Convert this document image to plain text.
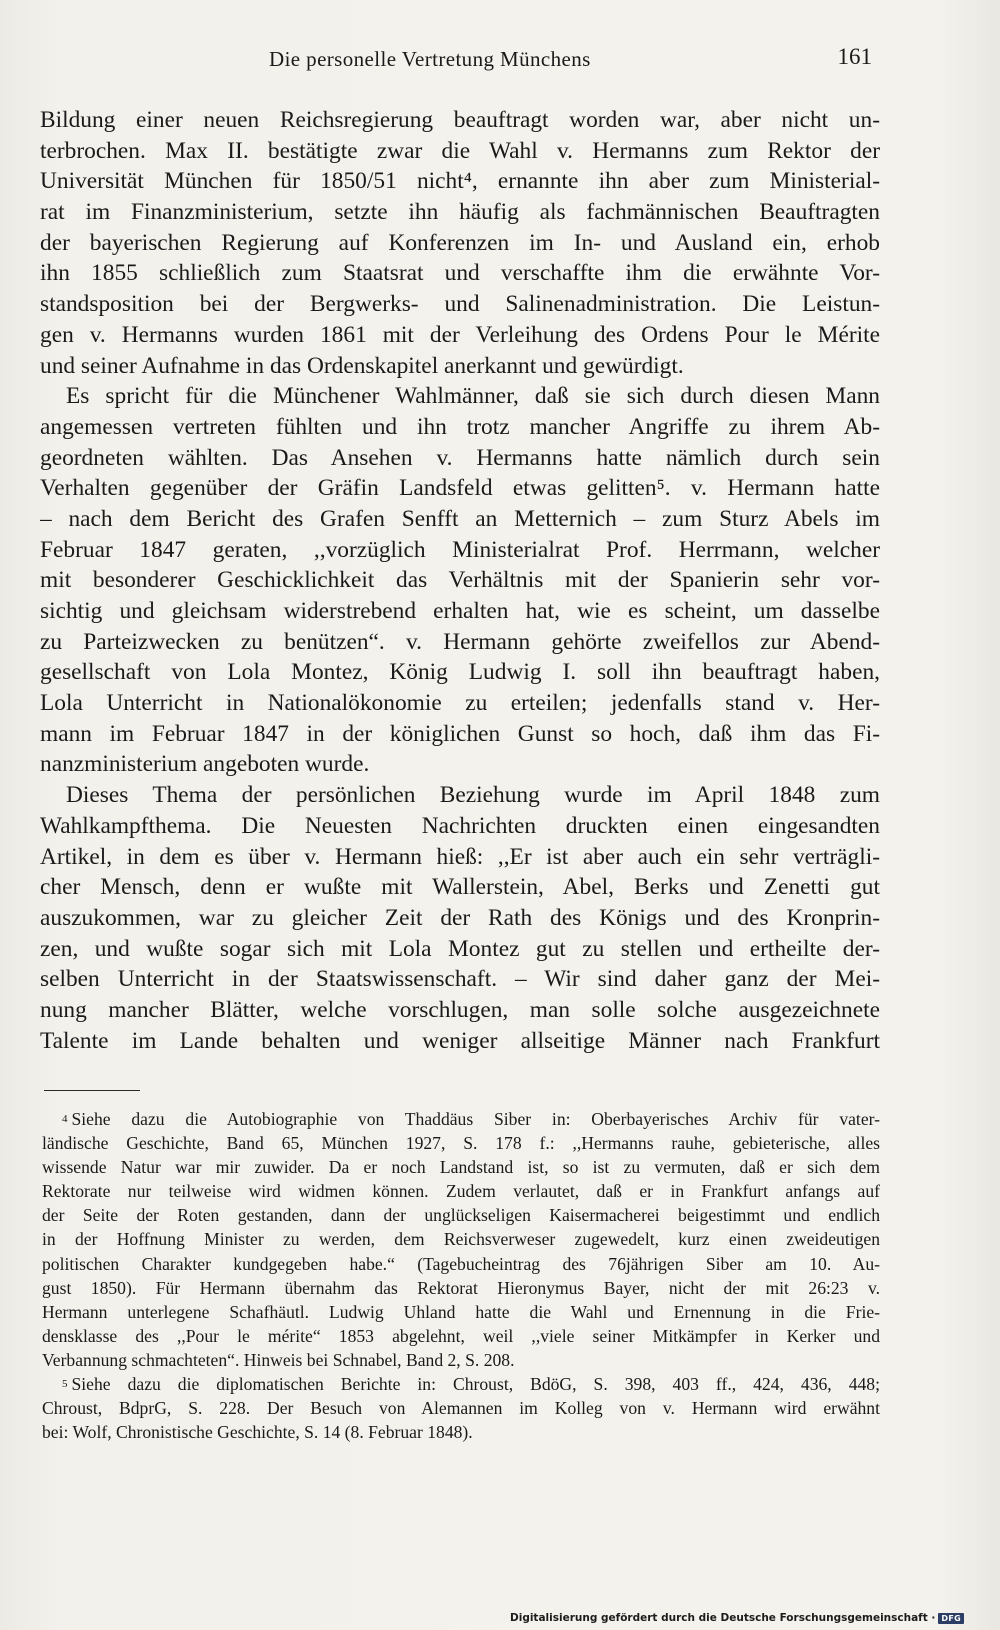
Die personelle Vertretung Münchens	161
Bildung einer neuen Reichsregierung beauftragt worden war, aber nicht un-
terbrochen. Max II. bestätigte zwar die Wahl v. Hermanns zum Rektor der
Universität München für 1850/51 nicht⁴, ernannte ihn aber zum Ministerial-
rat im Finanzministerium, setzte ihn häufig als fachmännischen Beauftragten
der bayerischen Regierung auf Konferenzen im In- und Ausland ein, erhob
ihn 1855 schließlich zum Staatsrat und verschaffte ihm die erwähnte Vor-
standsposition bei der Bergwerks- und Salinenadministration. Die Leistun-
gen v. Hermanns wurden 1861 mit der Verleihung des Ordens Pour le Mérite
und seiner Aufnahme in das Ordenskapitel anerkannt und gewürdigt.
Es spricht für die Münchener Wahlmänner, daß sie sich durch diesen Mann
angemessen vertreten fühlten und ihn trotz mancher Angriffe zu ihrem Ab-
geordneten wählten. Das Ansehen v. Hermanns hatte nämlich durch sein
Verhalten gegenüber der Gräfin Landsfeld etwas gelitten⁵. v. Hermann hatte
– nach dem Bericht des Grafen Senfft an Metternich – zum Sturz Abels im
Februar 1847 geraten, ,,vorzüglich Ministerialrat Prof. Herrmann, welcher
mit besonderer Geschicklichkeit das Verhältnis mit der Spanierin sehr vor-
sichtig und gleichsam widerstrebend erhalten hat, wie es scheint, um dasselbe
zu Parteizwecken zu benützen“. v. Hermann gehörte zweifellos zur Abend-
gesellschaft von Lola Montez, König Ludwig I. soll ihn beauftragt haben,
Lola Unterricht in Nationalökonomie zu erteilen; jedenfalls stand v. Her-
mann im Februar 1847 in der königlichen Gunst so hoch, daß ihm das Fi-
nanzministerium angeboten wurde.
Dieses Thema der persönlichen Beziehung wurde im April 1848 zum
Wahlkampfthema. Die Neuesten Nachrichten druckten einen eingesandten
Artikel, in dem es über v. Hermann hieß: ,,Er ist aber auch ein sehr verträgli-
cher Mensch, denn er wußte mit Wallerstein, Abel, Berks und Zenetti gut
auszukommen, war zu gleicher Zeit der Rath des Königs und des Kronprin-
zen, und wußte sogar sich mit Lola Montez gut zu stellen und ertheilte der-
selben Unterricht in der Staatswissenschaft. – Wir sind daher ganz der Mei-
nung mancher Blätter, welche vorschlugen, man solle solche ausgezeichnete
Talente im Lande behalten und weniger allseitige Männer nach Frankfurt
4 Siehe dazu die Autobiographie von Thaddäus Siber in: Oberbayerisches Archiv für vater-
ländische Geschichte, Band 65, München 1927, S. 178 f.: ,,Hermanns rauhe, gebieterische, alles
wissende Natur war mir zuwider. Da er noch Landstand ist, so ist zu vermuten, daß er sich dem
Rektorate nur teilweise wird widmen können. Zudem verlautet, daß er in Frankfurt anfangs auf
der Seite der Roten gestanden, dann der unglückseligen Kaisermacherei beigestimmt und endlich
in der Hoffnung Minister zu werden, dem Reichsverweser zugewedelt, kurz einen zweideutigen
politischen Charakter kundgegeben habe.“ (Tagebucheintrag des 76jährigen Siber am 10. Au-
gust 1850). Für Hermann übernahm das Rektorat Hieronymus Bayer, nicht der mit 26:23 v.
Hermann unterlegene Schafhäutl. Ludwig Uhland hatte die Wahl und Ernennung in die Frie-
densklasse des ,,Pour le mérite“ 1853 abgelehnt, weil ,,viele seiner Mitkämpfer in Kerker und
Verbannung schmachteten“. Hinweis bei Schnabel, Band 2, S. 208.
5 Siehe dazu die diplomatischen Berichte in: Chroust, BdöG, S. 398, 403 ff., 424, 436, 448;
Chroust, BdprG, S. 228. Der Besuch von Alemannen im Kolleg von v. Hermann wird erwähnt
bei: Wolf, Chronistische Geschichte, S. 14 (8. Februar 1848).
Digitalisierung gefördert durch die Deutsche Forschungsgemeinschaft · DFG
